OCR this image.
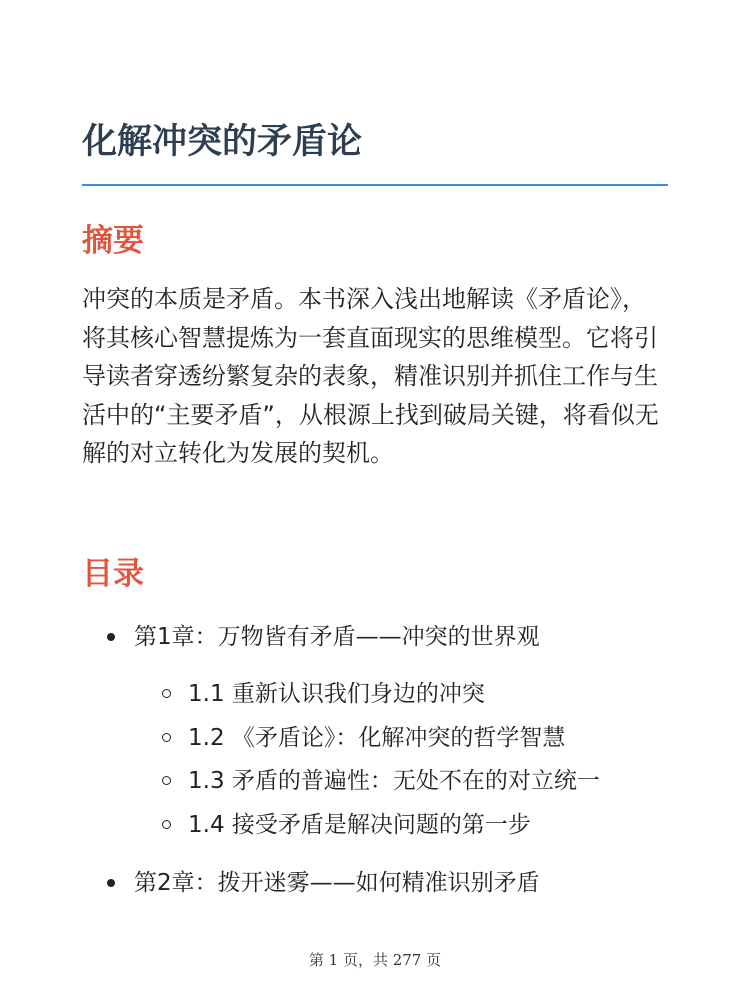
化解冲突的矛盾论
摘要

冲突的本质是矛盾。本书深入浅出地解读《矛盾论》，将其核心智慧提炼为一套直面现实的思维模型。它将引导读者穿透纷繁复杂的表象，精准识别并抓住工作与生活中的“主要矛盾”，从根源上找到破局关键，将看似无解的对立转化为发展的契机。

目录
第1章：万物皆有矛盾——冲突的世界观
1.1 重新认识我们身边的冲突
1.2 《矛盾论》：化解冲突的哲学智慧
1.3 矛盾的普遍性：无处不在的对立统一
1.4 接受矛盾是解决问题的第一步
第2章：拨开迷雾——如何精准识别矛盾
第 1 页，共 277 页
